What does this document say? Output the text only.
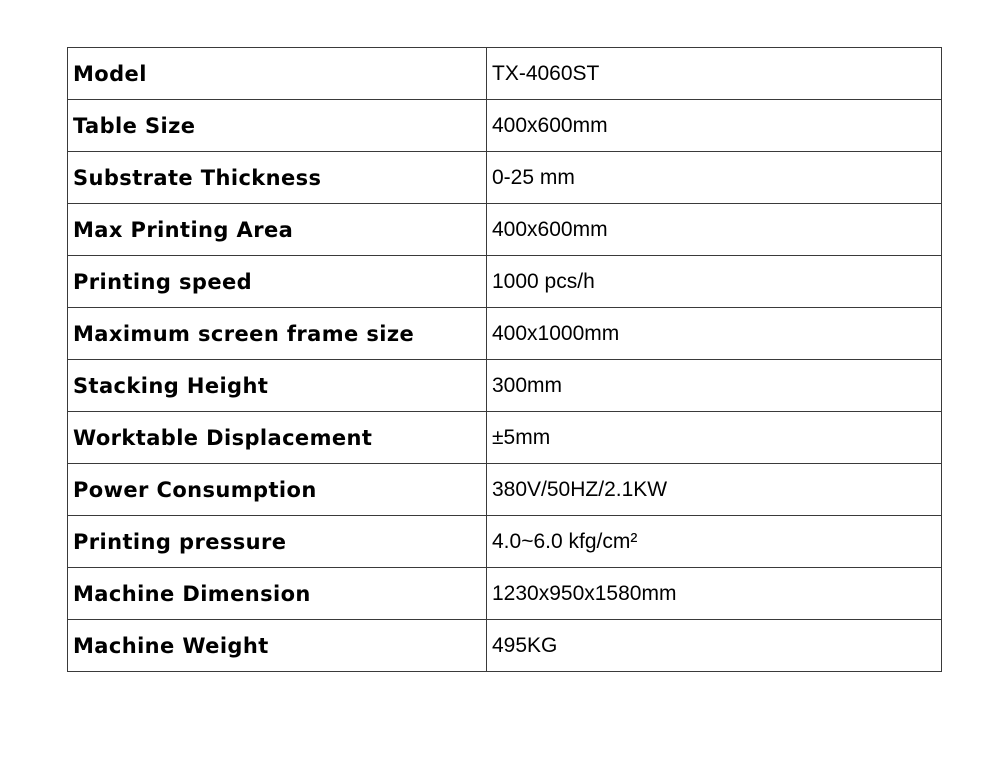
Model	TX-4060ST
Table Size	400x600mm
Substrate Thickness	0-25 mm
Max Printing Area	400x600mm
Printing speed	1000 pcs/h
Maximum screen frame size	400x1000mm
Stacking Height	300mm
Worktable Displacement	±5mm
Power Consumption	380V/50HZ/2.1KW
Printing pressure	4.0~6.0 kfg/cm²
Machine Dimension	1230x950x1580mm
Machine Weight	495KG
